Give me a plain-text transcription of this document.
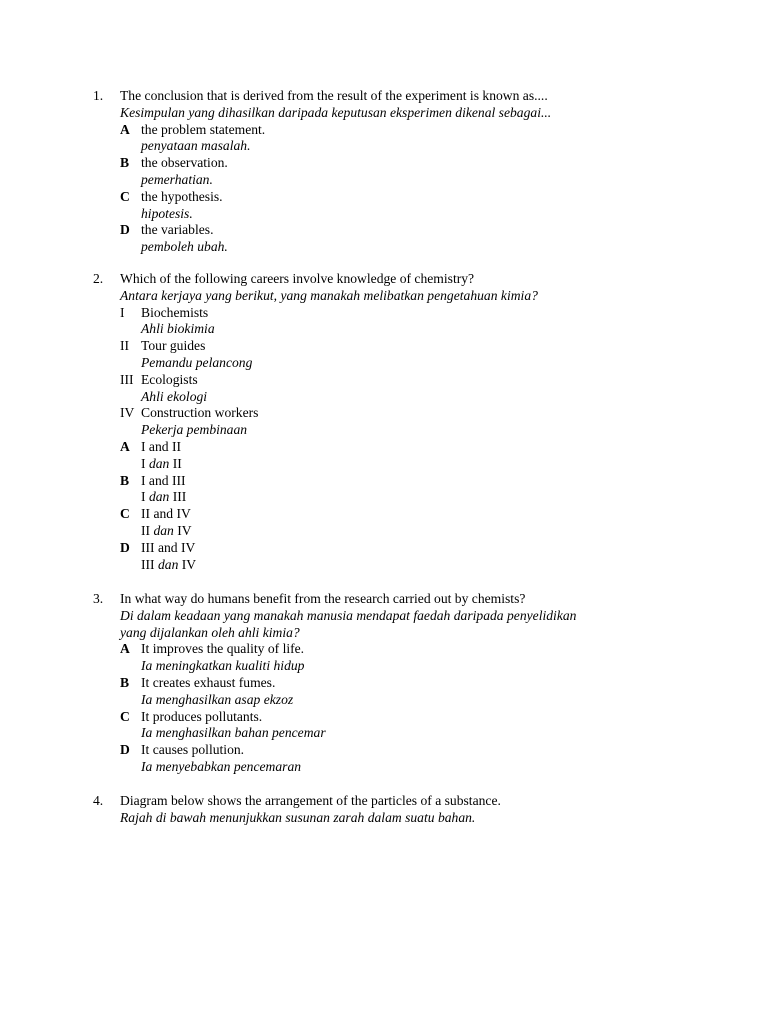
1. The conclusion that is derived from the result of the experiment is known as....
Kesimpulan yang dihasilkan daripada keputusan eksperimen dikenal sebagai...
A the problem statement.
penyataan masalah.
B the observation.
pemerhatian.
C the hypothesis.
hipotesis.
D the variables.
pemboleh ubah.
2. Which of the following careers involve knowledge of chemistry?
Antara kerjaya yang berikut, yang manakah melibatkan pengetahuan kimia?
I Biochemists
Ahli biokimia
II Tour guides
Pemandu pelancong
III Ecologists
Ahli ekologi
IV Construction workers
Pekerja pembinaan
A I and II
I dan II
B I and III
I dan III
C II and IV
II dan IV
D III and IV
III dan IV
3. In what way do humans benefit from the research carried out by chemists?
Di dalam keadaan yang manakah manusia mendapat faedah daripada penyelidikan
yang dijalankan oleh ahli kimia?
A It improves the quality of life.
Ia meningkatkan kualiti hidup
B It creates exhaust fumes.
Ia menghasilkan asap ekzoz
C It produces pollutants.
Ia menghasilkan bahan pencemar
D It causes pollution.
Ia menyebabkan pencemaran
4. Diagram below shows the arrangement of the particles of a substance.
Rajah di bawah menunjukkan susunan zarah dalam suatu bahan.
